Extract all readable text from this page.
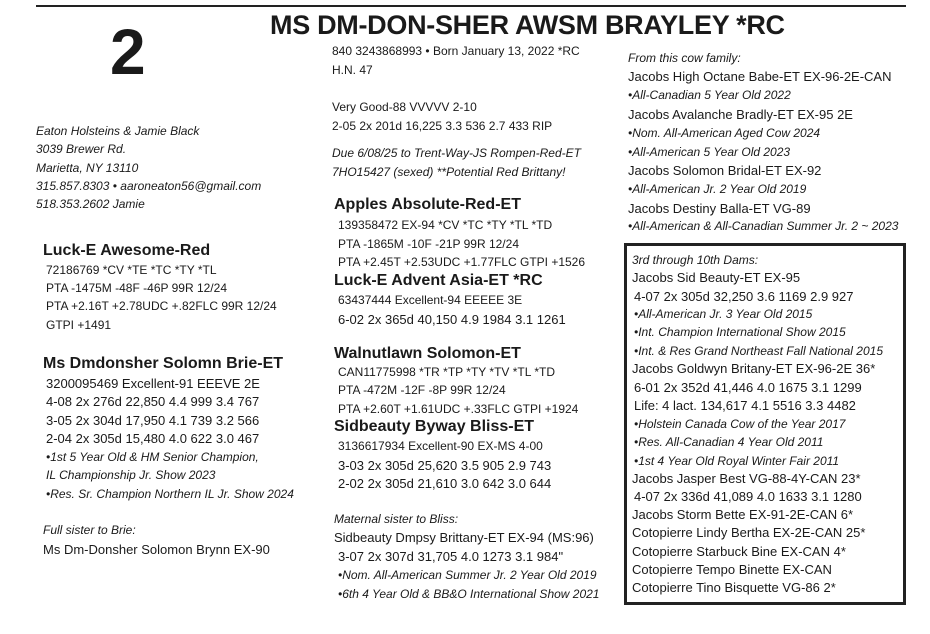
2	MS DM-DON-SHER AWSM BRAYLEY *RC
Eaton Holsteins & Jamie Black
3039 Brewer Rd.
Marietta, NY 13110
315.857.8303 • aaroneaton56@gmail.com
518.353.2602 Jamie
Luck-E Awesome-Red
72186769 *CV *TE *TC *TY *TL
PTA -1475M -48F -46P 99R 12/24
PTA +2.16T +2.78UDC +.82FLC 99R 12/24
GTPI +1491
Ms Dmdonsher Solomn Brie-ET
3200095469 Excellent-91 EEEVE 2E
4-08 2x 276d 22,850 4.4 999 3.4 767
3-05 2x 304d 17,950 4.1 739 3.2 566
2-04 2x 305d 15,480 4.0 622 3.0 467
•1st 5 Year Old & HM Senior Champion,
IL Championship Jr. Show 2023
•Res. Sr. Champion Northern IL Jr. Show 2024
Full sister to Brie:
Ms Dm-Donsher Solomon Brynn EX-90
840 3243868993 • Born January 13, 2022 *RC
H.N. 47
Very Good-88 VVVVV 2-10
2-05 2x 201d 16,225 3.3 536 2.7 433 RIP
Due 6/08/25 to Trent-Way-JS Rompen-Red-ET
7HO15427 (sexed) **Potential Red Brittany!
Apples Absolute-Red-ET
139358472 EX-94 *CV *TC *TY *TL *TD
PTA -1865M -10F -21P 99R 12/24
PTA +2.45T +2.53UDC +1.77FLC GTPI +1526
Luck-E Advent Asia-ET *RC
63437444 Excellent-94 EEEEE 3E
6-02 2x 365d 40,150 4.9 1984 3.1 1261
Walnutlawn Solomon-ET
CAN11775998 *TR *TP *TY *TV *TL *TD
PTA -472M -12F -8P 99R 12/24
PTA +2.60T +1.61UDC +.33FLC GTPI +1924
Sidbeauty Byway Bliss-ET
3136617934 Excellent-90 EX-MS 4-00
3-03 2x 305d 25,620 3.5 905 2.9 743
2-02 2x 305d 21,610 3.0 642 3.0 644
Maternal sister to Bliss:
Sidbeauty Dmpsy Brittany-ET EX-94 (MS:96)
3-07 2x 307d 31,705 4.0 1273 3.1 984"
•Nom. All-American Summer Jr. 2 Year Old 2019
•6th 4 Year Old & BB&O International Show 2021
From this cow family:
Jacobs High Octane Babe-ET EX-96-2E-CAN
•All-Canadian 5 Year Old 2022
Jacobs Avalanche Bradly-ET EX-95 2E
•Nom. All-American Aged Cow 2024
•All-American 5 Year Old 2023
Jacobs Solomon Bridal-ET EX-92
•All-American Jr. 2 Year Old 2019
Jacobs Destiny Balla-ET VG-89
•All-American & All-Canadian Summer Jr. 2 ~ 2023
3rd through 10th Dams:
Jacobs Sid Beauty-ET EX-95
4-07 2x 305d 32,250 3.6 1169 2.9 927
•All-American Jr. 3 Year Old 2015
•Int. Champion International Show 2015
•Int. & Res Grand Northeast Fall National 2015
Jacobs Goldwyn Britany-ET EX-96-2E 36*
6-01 2x 352d 41,446 4.0 1675 3.1 1299
Life: 4 lact. 134,617 4.1 5516 3.3 4482
•Holstein Canada Cow of the Year 2017
•Res. All-Canadian 4 Year Old 2011
•1st 4 Year Old Royal Winter Fair 2011
Jacobs Jasper Best VG-88-4Y-CAN 23*
4-07 2x 336d 41,089 4.0 1633 3.1 1280
Jacobs Storm Bette EX-91-2E-CAN 6*
Cotopierre Lindy Bertha EX-2E-CAN 25*
Cotopierre Starbuck Bine EX-CAN 4*
Cotopierre Tempo Binette EX-CAN
Cotopierre Tino Bisquette VG-86 2*
